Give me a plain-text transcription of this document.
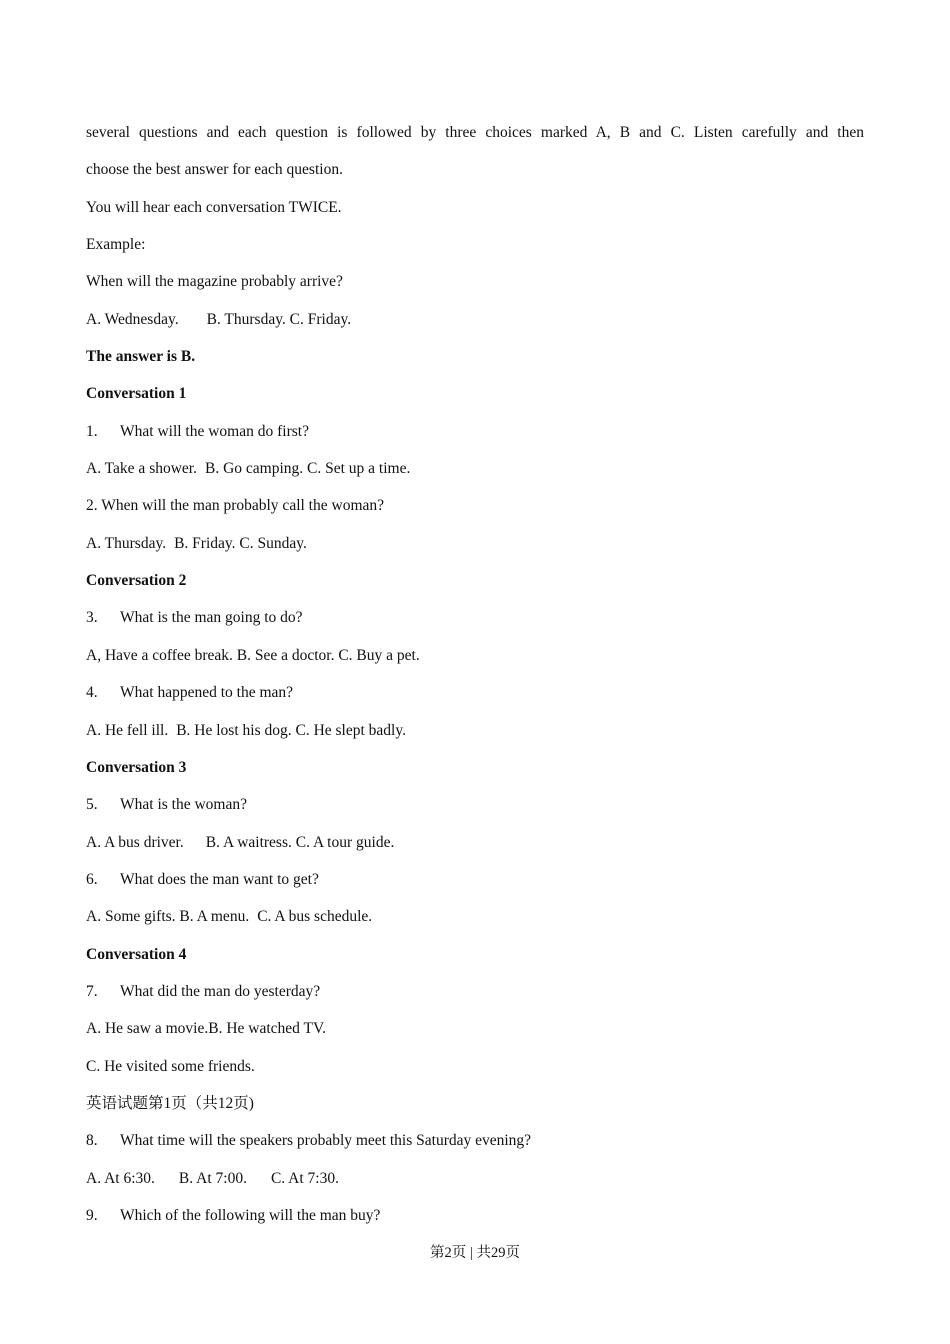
several questions and each question is followed by three choices marked A, B and C. Listen carefully and then

choose the best answer for each question.

You will hear each conversation TWICE.

Example:

When will the magazine probably arrive?

A. Wednesday. B. Thursday. C. Friday.

The answer is B.

Conversation 1

1. What will the woman do first?

A. Take a shower. B. Go camping. C. Set up a time.

2. When will the man probably call the woman?

A. Thursday. B. Friday. C. Sunday.

Conversation 2

3. What is the man going to do?

A, Have a coffee break. B. See a doctor. C. Buy a pet.

4. What happened to the man?

A. He fell ill. B. He lost his dog. C. He slept badly.

Conversation 3

5. What is the woman?

A. A bus driver. B. A waitress. C. A tour guide.

6. What does the man want to get?

A. Some gifts. B. A menu. C. A bus schedule.

Conversation 4

7. What did the man do yesterday?

A. He saw a movie.B. He watched TV.

C. He visited some friends.

英语试题第1页（共12页)

8. What time will the speakers probably meet this Saturday evening?

A. At 6:30. B. At 7:00. C. At 7:30.

9. Which of the following will the man buy?

第2页 | 共29页
